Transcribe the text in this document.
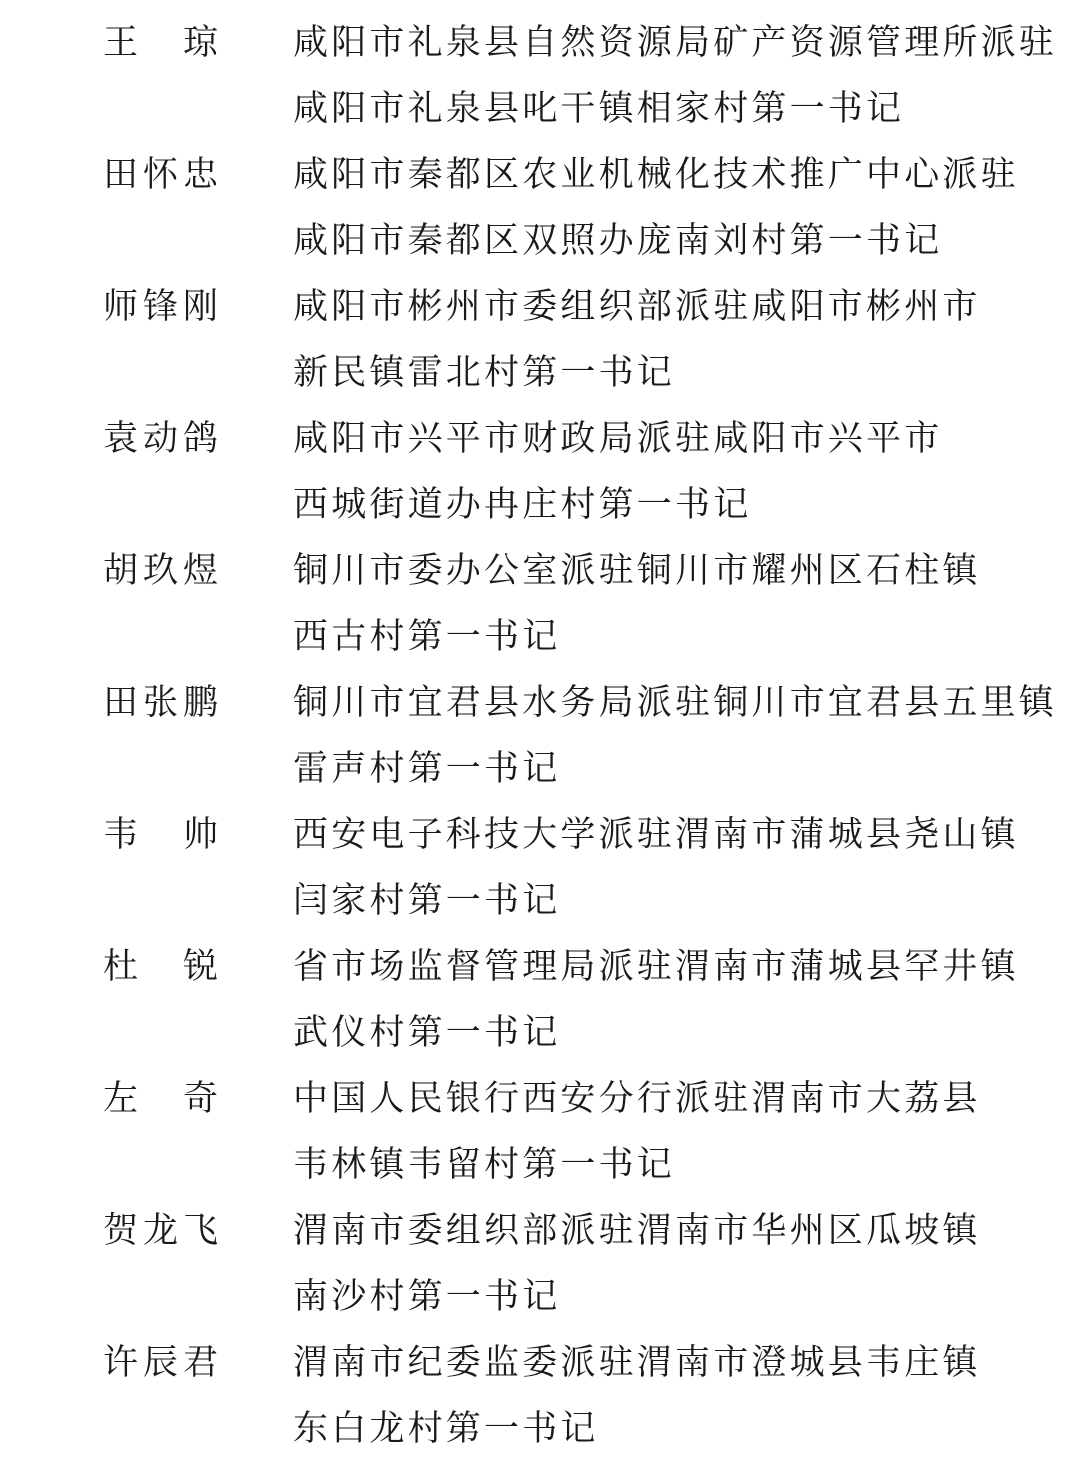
王 琼 咸阳市礼泉县自然资源局矿产资源管理所派驻
咸阳市礼泉县叱干镇相家村第一书记
田 怀 忠 咸阳市秦都区农业机械化技术推广中心派驻
咸阳市秦都区双照办庞南刘村第一书记
师 锋 刚 咸阳市彬州市委组织部派驻咸阳市彬州市
新民镇雷北村第一书记
袁 动 鸽 咸阳市兴平市财政局派驻咸阳市兴平市
西城街道办冉庄村第一书记
胡 玖 煜 铜川市委办公室派驻铜川市耀州区石柱镇
西古村第一书记
田 张 鹏 铜川市宜君县水务局派驻铜川市宜君县五里镇
雷声村第一书记
韦 帅 西安电子科技大学派驻渭南市蒲城县尧山镇
闫家村第一书记
杜 锐 省市场监督管理局派驻渭南市蒲城县罕井镇
武仪村第一书记
左 奇 中国人民银行西安分行派驻渭南市大荔县
韦林镇韦留村第一书记
贺 龙 飞 渭南市委组织部派驻渭南市华州区瓜坡镇
南沙村第一书记
许 辰 君 渭南市纪委监委派驻渭南市澄城县韦庄镇
东白龙村第一书记
